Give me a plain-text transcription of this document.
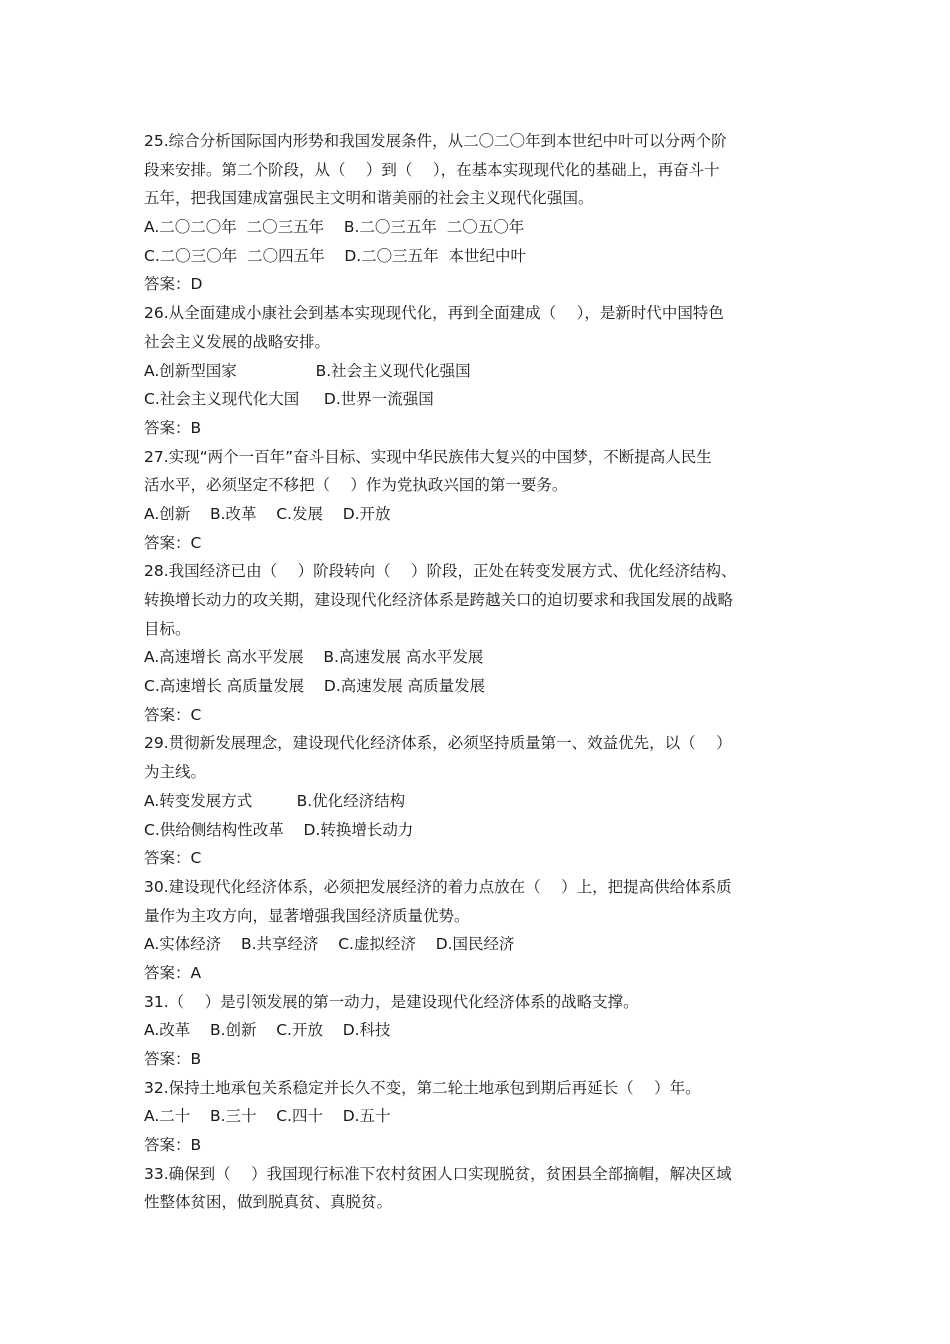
25.综合分析国际国内形势和我国发展条件，从二〇二〇年到本世纪中叶可以分两个阶
段来安排。第二个阶段，从（　 ）到（　 ），在基本实现现代化的基础上，再奋斗十
五年，把我国建成富强民主文明和谐美丽的社会主义现代化强国。
A.二〇二〇年  二〇三五年    B.二〇三五年  二〇五〇年
C.二〇三〇年  二〇四五年    D.二〇三五年  本世纪中叶
答案：D
26.从全面建成小康社会到基本实现现代化，再到全面建成（　 ），是新时代中国特色
社会主义发展的战略安排。
A.创新型国家                B.社会主义现代化强国
C.社会主义现代化大国     D.世界一流强国
答案：B
27.实现“两个一百年”奋斗目标、实现中华民族伟大复兴的中国梦，不断提高人民生
活水平，必须坚定不移把（　 ）作为党执政兴国的第一要务。
A.创新    B.改革    C.发展    D.开放
答案：C
28.我国经济已由（　 ）阶段转向（　 ）阶段，正处在转变发展方式、优化经济结构、
转换增长动力的攻关期，建设现代化经济体系是跨越关口的迫切要求和我国发展的战略
目标。
A.高速增长 高水平发展    B.高速发展 高水平发展
C.高速增长 高质量发展    D.高速发展 高质量发展
答案：C
29.贯彻新发展理念，建设现代化经济体系，必须坚持质量第一、效益优先，以（　 ）
为主线。
A.转变发展方式         B.优化经济结构
C.供给侧结构性改革    D.转换增长动力
答案：C
30.建设现代化经济体系，必须把发展经济的着力点放在（　 ）上，把提高供给体系质
量作为主攻方向，显著增强我国经济质量优势。
A.实体经济    B.共享经济    C.虚拟经济    D.国民经济
答案：A
31.（　 ）是引领发展的第一动力，是建设现代化经济体系的战略支撑。
A.改革    B.创新    C.开放    D.科技
答案：B
32.保持土地承包关系稳定并长久不变，第二轮土地承包到期后再延长（　 ）年。
A.二十    B.三十    C.四十    D.五十
答案：B
33.确保到（　 ）我国现行标准下农村贫困人口实现脱贫，贫困县全部摘帽，解决区域
性整体贫困，做到脱真贫、真脱贫。
